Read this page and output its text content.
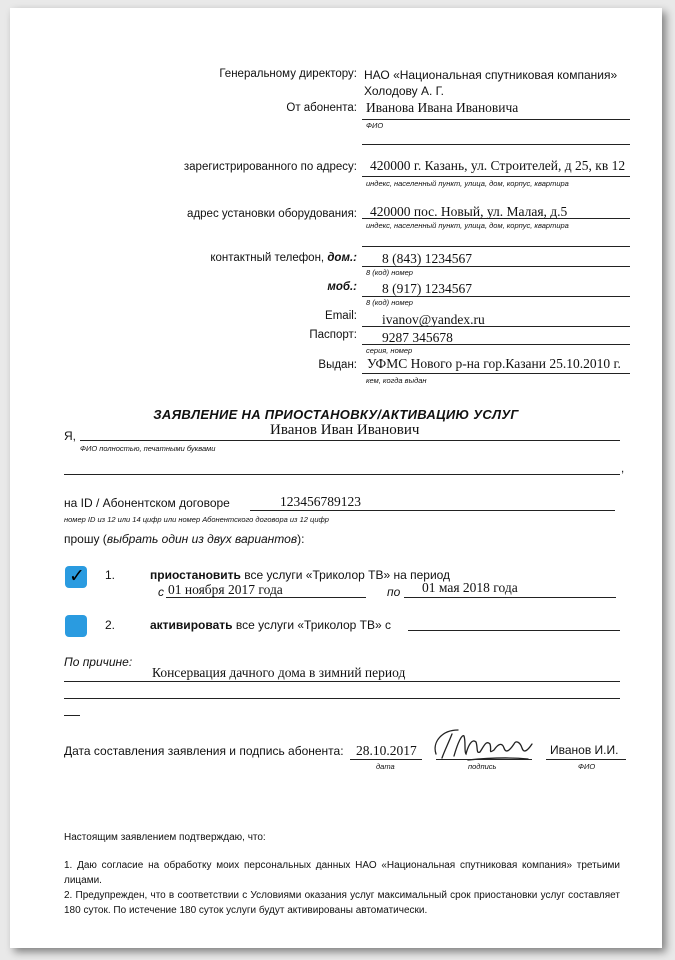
Генеральному директору: НАО «Национальная спутниковая компания»
Холодову А. Г.
От абонента: Иванова Ивана Ивановича
ФИО
зарегистрированного по адресу: 420000 г. Казань, ул. Строителей, д 25, кв 12
индекс, населенный пункт, улица, дом, корпус, квартира
адрес установки оборудования: 420000 пос. Новый, ул. Малая, д.5
индекс, населенный пункт, улица, дом, корпус, квартира
контактный телефон, дом.: 8 (843) 1234567
8 (код) номер
моб.: 8 (917) 1234567
8 (код) номер
Email: ivanov@yandex.ru
Паспорт: 9287 345678
серия, номер
Выдан: УФМС Нового р-на гор.Казани 25.10.2010 г.
кем, когда выдан
ЗАЯВЛЕНИЕ НА ПРИОСТАНОВКУ/АКТИВАЦИЮ УСЛУГ
Я,	Иванов Иван Иванович
ФИО полностью, печатными буквами
,
на ID / Абонентском договоре	123456789123
номер ID из 12 или 14 цифр или номер Абонентского договора из 12 цифр
прошу (выбрать один из двух вариантов):
✓ 1.	приостановить все услуги «Триколор ТВ» на период
с 01 ноября 2017 года	по 01 мая 2018 года
2.	активировать все услуги «Триколор ТВ» с
По причине:
Консервация дачного дома в зимний период
Дата составления заявления и подпись абонента: 28.10.2017
дата	подпись
Иванов И.И.
ФИО
Настоящим заявлением подтверждаю, что:
1. Даю согласие на обработку моих персональных данных НАО «Национальная спутниковая компания» третьими лицами.
2. Предупрежден, что в соответствии с Условиями оказания услуг максимальный срок приостановки услуг составляет 180 суток. По истечение 180 суток услуги будут активированы автоматически.
